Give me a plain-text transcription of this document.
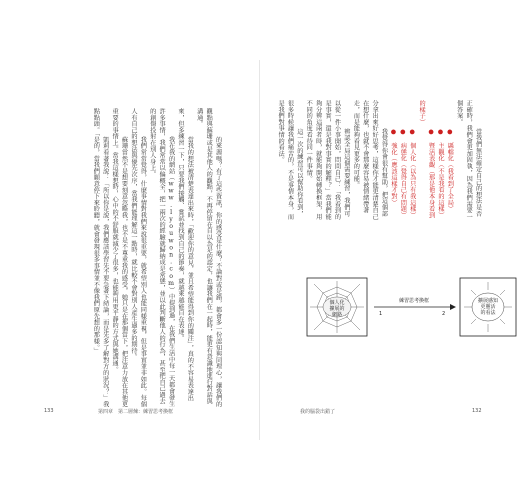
的來源嗎？有了這些資訊，你的感受是什麼？不論對或是錯，都會多一份認知與同理心，讓我們的觀點與蘇珊或是其他人的觀點，不再停留在自以為是的認定，也讓我們在一起時，能更有意識地進行對話與溝通。
當我的想法被清楚表達出來時，「歡迎你的意見，並且希望能得到你的關注」，真的不容易表達出來，但多練習一下，只要我們接觸、嘗試並找到自己的節奏，就越來越能自在表達。
我在我的網站（www.lyouwon.com）中提到過，在我們生活中每一天都會發生許多事情，我們常常以偏概全，把一兩次的經驗就歸納成是常態，並以此判斷他人的行為，甚至把自己過去的創傷投射在別人身上。
我們常常覺得，什麼事情對我們來說很重要，就希望別人也能同樣重視，但是事實並非如此。每個人有自己的想法與優先次序，當我們能理解這一點時，就比較不會對別人產生過多的期待。
蘇珊當然不是想要刻意忽略我，也不是不尊重我的感受，她只是在那個當下，把注意力放在其他更重要的事情上。當我這樣想時，心中的不舒服就減少了很多，也能夠用更平靜的方式與她溝通。
凱莉看著我說：「所以你是說，我們應該學習先不要急著下結論，而是先多了解對方的狀況？」我點點頭。「是的，當我們願意停下來聆聽，就會發現很多事情並不像我們原先想的那樣。」

第四章　第二層煉：練習思考換框
133

當我們無法確定自己的想法是否正確時，我們會更加固執，因為我們需要一個答案。
● 縣轄化（我看到了全局）
● 主觀化（不是我看的這樣）
● 暨活表觀（那是他本身看到的樣子）
● 個人化（以為只有我這樣）
● 病態化（覺得自己有問題）
● 強化（應該這樣才對）
我覺得你會很有幫助，把這個部分拿出來好好思考，這樣你才能更清楚自己在想什麼，也就不會那麼容易被情緒帶著走，而是能夠看見更多的可能。
辨認全局這個需要練習，我們可以從一件小事開始，問問自己：「我看到的是事實，還是我對事實的解釋？」當我們能夠分辨這兩者時，就能夠開始轉換框架，用不同的角度看待同一件事情。
這一次的練習可以幫助你看到，很多時候讓我們痛苦的，不是事情本身，而是我們對事情的看法。

個人化
擴展的
網路
練習思考換框
1	2
擴展感知
更靈活
的看法
我的腦袋出錯了	132
